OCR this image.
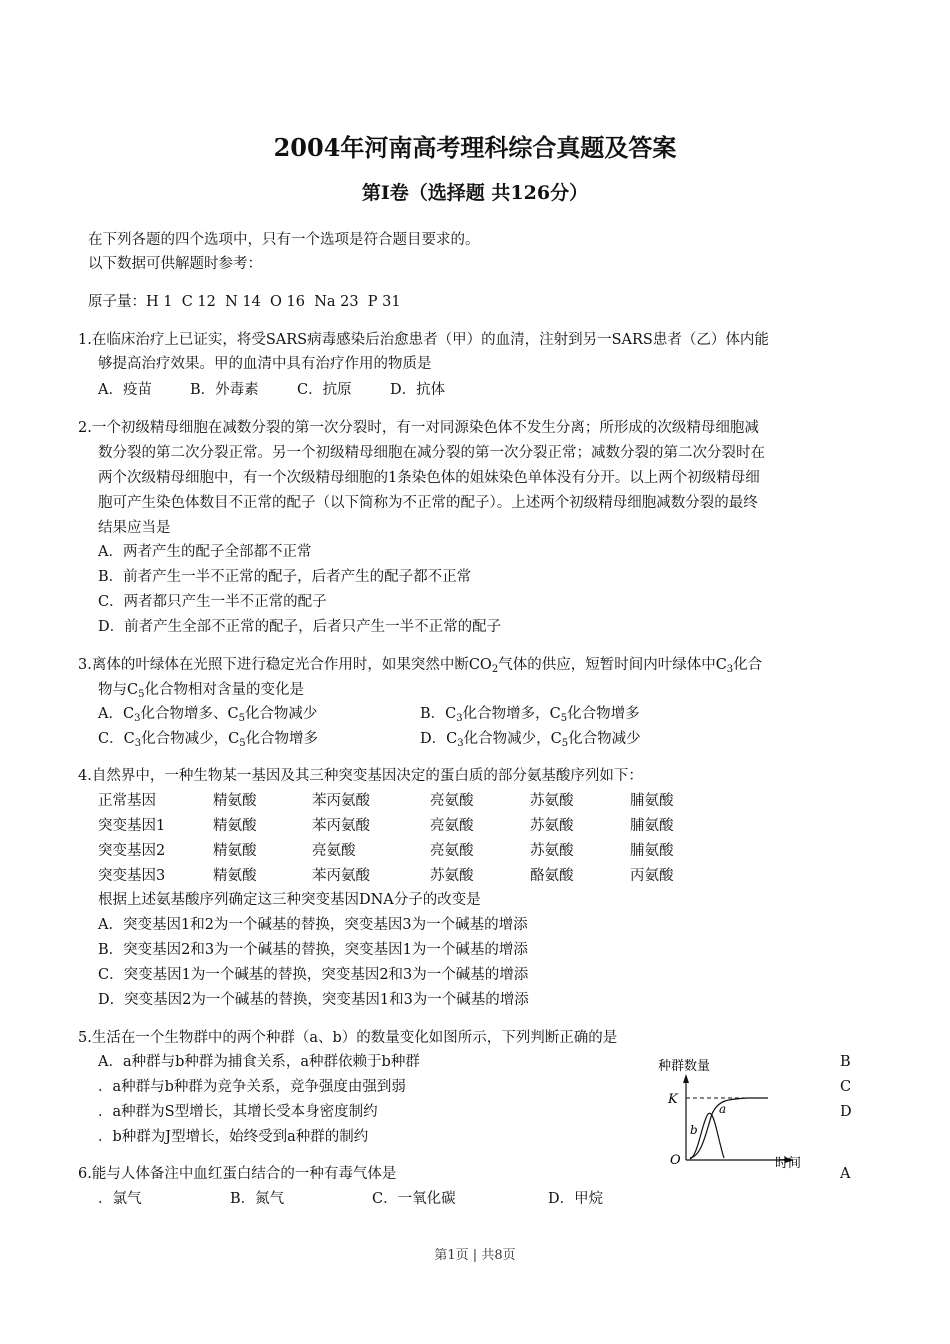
2004年河南高考理科综合真题及答案
第Ⅰ卷（选择题 共126分）
在下列各题的四个选项中，只有一个选项是符合题目要求的。
以下数据可供解题时参考：
原子量：H 1  C 12  N 14  O 16  Na 23  P 31
1.在临床治疗上已证实，将受SARS病毒感染后治愈患者（甲）的血清，注射到另一SARS患者（乙）体内能
够提高治疗效果。甲的血清中具有治疗作用的物质是
A．疫苗	B．外毒素	C．抗原	D．抗体
2.一个初级精母细胞在减数分裂的第一次分裂时，有一对同源染色体不发生分离；所形成的次级精母细胞减
数分裂的第二次分裂正常。另一个初级精母细胞在减分裂的第一次分裂正常；减数分裂的第二次分裂时在
两个次级精母细胞中，有一个次级精母细胞的1条染色体的姐妹染色单体没有分开。以上两个初级精母细
胞可产生染色体数目不正常的配子（以下简称为不正常的配子）。上述两个初级精母细胞减数分裂的最终
结果应当是
A．两者产生的配子全部都不正常
B．前者产生一半不正常的配子，后者产生的配子都不正常
C．两者都只产生一半不正常的配子
D．前者产生全部不正常的配子，后者只产生一半不正常的配子
3.离体的叶绿体在光照下进行稳定光合作用时，如果突然中断$CO_2$气体的供应，短暂时间内叶绿体中$C_3$化合
物与$C_5$化合物相对含量的变化是
A．$C_3$化合物增多、$C_5$化合物减少	B．$C_3$化合物增多，$C_5$化合物增多
C．$C_3$化合物减少，$C_5$化合物增多	D．$C_3$化合物减少，$C_5$化合物减少
4.自然界中，一种生物某一基因及其三种突变基因决定的蛋白质的部分氨基酸序列如下：
正常基因	精氨酸	苯丙氨酸	亮氨酸	苏氨酸	脯氨酸
突变基因1	精氨酸	苯丙氨酸	亮氨酸	苏氨酸	脯氨酸
突变基因2	精氨酸	亮氨酸	亮氨酸	苏氨酸	脯氨酸
突变基因3	精氨酸	苯丙氨酸	苏氨酸	酪氨酸	丙氨酸
根据上述氨基酸序列确定这三种突变基因DNA分子的改变是
A．突变基因1和2为一个碱基的替换，突变基因3为一个碱基的增添
B．突变基因2和3为一个碱基的替换，突变基因1为一个碱基的增添
C．突变基因1为一个碱基的替换，突变基因2和3为一个碱基的增添
D．突变基因2为一个碱基的替换，突变基因1和3为一个碱基的增添
5.生活在一个生物群中的两个种群（a、b）的数量变化如图所示，下列判断正确的是
A．a种群与b种群为捕食关系，a种群依赖于b种群
．a种群与b种群为竞争关系，竞争强度由强到弱
．a种群为S型增长，其增长受本身密度制约
．b种群为J型增长，始终受到a种群的制约
B
C
D
种群数量
K
O	时间
a
b
6.能与人体备注中血红蛋白结合的一种有毒气体是	A
．氯气	B．氮气	C．一氧化碳	D．甲烷
第1页 | 共8页
